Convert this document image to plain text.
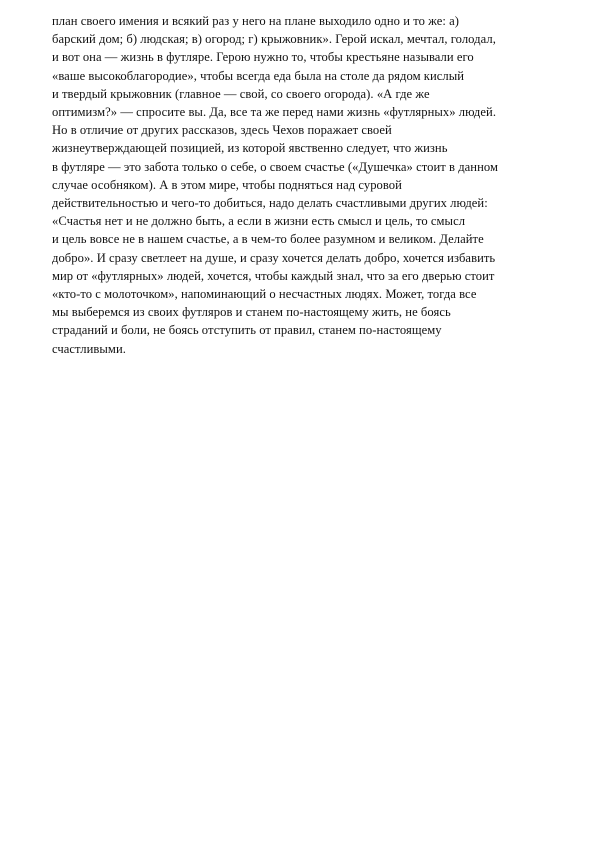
план своего имения и всякий раз у него на плане выходило одно и то же: а)
барский дом; б) людская; в) огород; г) крыжовник». Герой искал, мечтал, голодал,
и вот она — жизнь в футляре. Герою нужно то, чтобы крестьяне называли его
«ваше высокоблагородие», чтобы всегда еда была на столе да рядом кислый
и твердый крыжовник (главное — свой, со своего огорода). «А где же
оптимизм?» — спросите вы. Да, все та же перед нами жизнь «футлярных» людей.
Но в отличие от других рассказов, здесь Чехов поражает своей
жизнеутверждающей позицией, из которой явственно следует, что жизнь
в футляре — это забота только о себе, о своем счастье («Душечка» стоит в данном
случае особняком). А в этом мире, чтобы подняться над суровой
действительностью и чего-то добиться, надо делать счастливыми других людей:
«Счастья нет и не должно быть, а если в жизни есть смысл и цель, то смысл
и цель вовсе не в нашем счастье, а в чем-то более разумном и великом. Делайте
добро». И сразу светлеет на душе, и сразу хочется делать добро, хочется избавить
мир от «футлярных» людей, хочется, чтобы каждый знал, что за его дверью стоит
«кто-то с молоточком», напоминающий о несчастных людях. Может, тогда все
мы выберемся из своих футляров и станем по-настоящему жить, не боясь
страданий и боли, не боясь отступить от правил, станем по-настоящему
счастливыми.
